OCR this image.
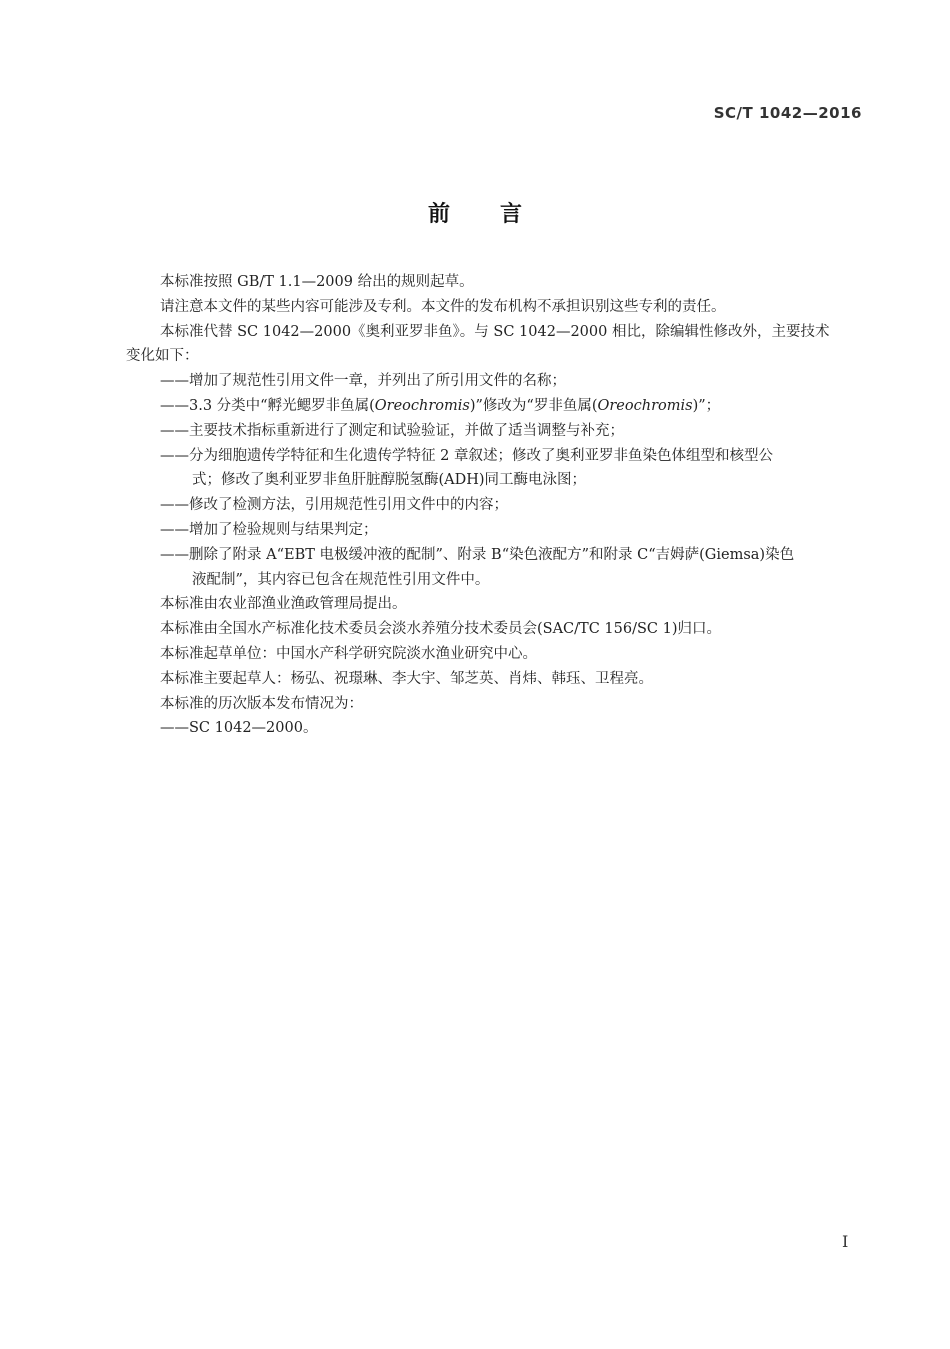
SC/T 1042—2016
前 言

本标准按照 GB/T 1.1—2009 给出的规则起草。

请注意本文件的某些内容可能涉及专利。本文件的发布机构不承担识别这些专利的责任。

本标准代替 SC 1042—2000《奥利亚罗非鱼》。与 SC 1042—2000 相比，除编辑性修改外，主要技术

变化如下：

——增加了规范性引用文件一章，并列出了所引用文件的名称；

——3.3 分类中“孵光鳃罗非鱼属(Oreochromis)”修改为“罗非鱼属(Oreochromis)”；

——主要技术指标重新进行了测定和试验验证，并做了适当调整与补充；

——分为细胞遗传学特征和生化遗传学特征 2 章叙述；修改了奥利亚罗非鱼染色体组型和核型公

式；修改了奥利亚罗非鱼肝脏醇脱氢酶(ADH)同工酶电泳图；

——修改了检测方法，引用规范性引用文件中的内容；

——增加了检验规则与结果判定；

——删除了附录 A“EBT 电极缓冲液的配制”、附录 B“染色液配方”和附录 C“吉姆萨(Giemsa)染色

液配制”，其内容已包含在规范性引用文件中。

本标准由农业部渔业渔政管理局提出。

本标准由全国水产标准化技术委员会淡水养殖分技术委员会(SAC/TC 156/SC 1)归口。

本标准起草单位：中国水产科学研究院淡水渔业研究中心。

本标准主要起草人：杨弘、祝璟琳、李大宇、邹芝英、肖炜、韩珏、卫程亮。

本标准的历次版本发布情况为：

——SC 1042—2000。

I
